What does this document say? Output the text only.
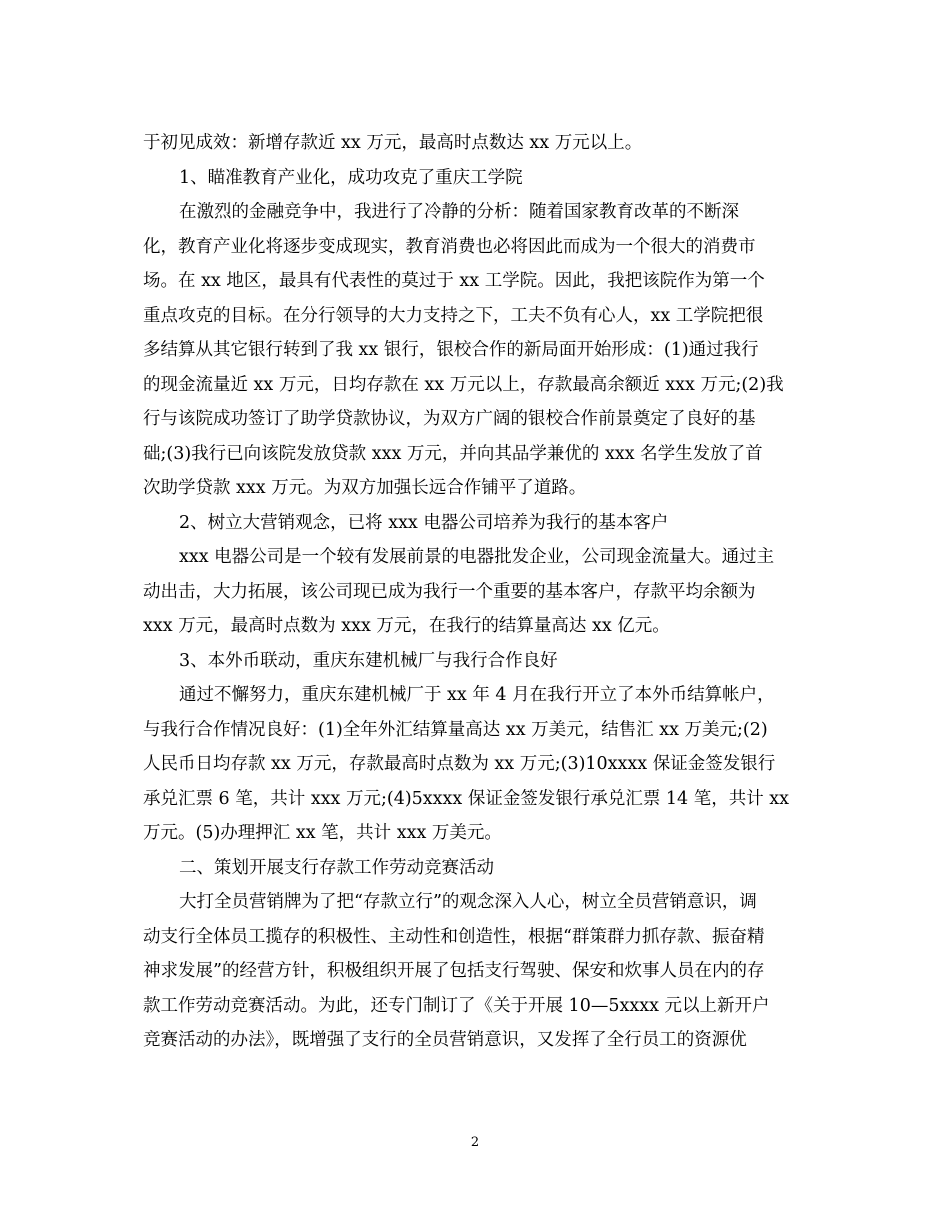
于初见成效：新增存款近 xx 万元，最高时点数达 xx 万元以上。
1、瞄准教育产业化，成功攻克了重庆工学院
在激烈的金融竞争中，我进行了冷静的分析：随着国家教育改革的不断深
化，教育产业化将逐步变成现实，教育消费也必将因此而成为一个很大的消费市
场。在 xx 地区，最具有代表性的莫过于 xx 工学院。因此，我把该院作为第一个
重点攻克的目标。在分行领导的大力支持之下，工夫不负有心人，xx 工学院把很
多结算从其它银行转到了我 xx 银行，银校合作的新局面开始形成：(1)通过我行
的现金流量近 xx 万元，日均存款在 xx 万元以上，存款最高余额近 xxx 万元;(2)我
行与该院成功签订了助学贷款协议，为双方广阔的银校合作前景奠定了良好的基
础;(3)我行已向该院发放贷款 xxx 万元，并向其品学兼优的 xxx 名学生发放了首
次助学贷款 xxx 万元。为双方加强长远合作铺平了道路。
2、树立大营销观念，已将 xxx 电器公司培养为我行的基本客户
xxx 电器公司是一个较有发展前景的电器批发企业，公司现金流量大。通过主
动出击，大力拓展，该公司现已成为我行一个重要的基本客户，存款平均余额为
xxx 万元，最高时点数为 xxx 万元，在我行的结算量高达 xx 亿元。
3、本外币联动，重庆东建机械厂与我行合作良好
通过不懈努力，重庆东建机械厂于 xx 年 4 月在我行开立了本外币结算帐户，
与我行合作情况良好：(1)全年外汇结算量高达 xx 万美元，结售汇 xx 万美元;(2)
人民币日均存款 xx 万元，存款最高时点数为 xx 万元;(3)10xxxx 保证金签发银行
承兑汇票 6 笔，共计 xxx 万元;(4)5xxxx 保证金签发银行承兑汇票 14 笔，共计 xx
万元。(5)办理押汇 xx 笔，共计 xxx 万美元。
二、策划开展支行存款工作劳动竞赛活动
大打全员营销牌为了把“存款立行”的观念深入人心，树立全员营销意识，调
动支行全体员工揽存的积极性、主动性和创造性，根据“群策群力抓存款、振奋精
神求发展”的经营方针，积极组织开展了包括支行驾驶、保安和炊事人员在内的存
款工作劳动竞赛活动。为此，还专门制订了《关于开展 10—5xxxx 元以上新开户
竞赛活动的办法》，既增强了支行的全员营销意识，又发挥了全行员工的资源优
2
